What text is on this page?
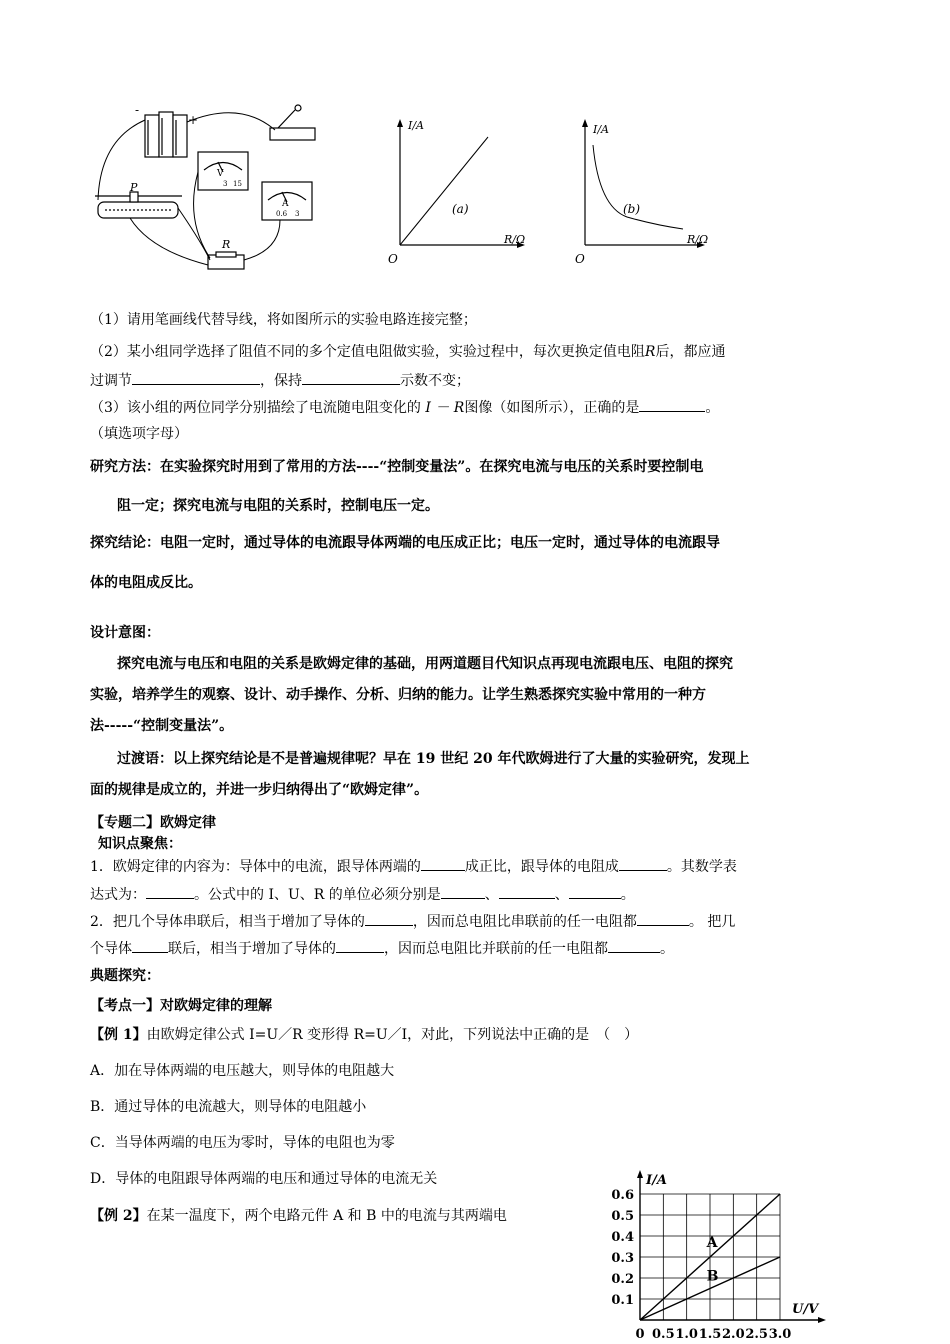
-
+
V
3 15
A
0.6 3
P
R
I/A
R/Ω
O
(a)
I/A
R/Ω
O
(b)
（1）请用笔画线代替导线，将如图所示的实验电路连接完整；
（2）某小组同学选择了阻值不同的多个定值电阻做实验，实验过程中，每次更换定值电阻R后，都应通
过调节	，保持	示数不变；
（3）该小组的两位同学分别描绘了电流随电阻变化的 I － R图像（如图所示），正确的是	。
（填选项字母）
研究方法：在实验探究时用到了常用的方法----“控制变量法”。在探究电流与电压的关系时要控制电
阻一定；探究电流与电阻的关系时，控制电压一定。
探究结论：电阻一定时，通过导体的电流跟导体两端的电压成正比；电压一定时，通过导体的电流跟导
体的电阻成反比。
设计意图：
探究电流与电压和电阻的关系是欧姆定律的基础，用两道题目代知识点再现电流跟电压、电阻的探究
实验，培养学生的观察、设计、动手操作、分析、归纳的能力。让学生熟悉探究实验中常用的一种方
法-----“控制变量法”。
过渡语：以上探究结论是不是普遍规律呢？早在 19 世纪 20 年代欧姆进行了大量的实验研究，发现上
面的规律是成立的，并进一步归纳得出了“欧姆定律”。
【专题二】欧姆定律
知识点聚焦：
1．欧姆定律的内容为：导体中的电流，跟导体两端的	成正比，跟导体的电阻成	。其数学表
达式为：	。公式中的 I、U、R 的单位必须分别是	、	、	。
2．把几个导体串联后，相当于增加了导体的	，因而总电阻比串联前的任一电阻都	。 把几
个导体	联后，相当于增加了导体的	，因而总电阻比并联前的任一电阻都	。
典题探究：
【考点一】对欧姆定律的理解
【例 1】由欧姆定律公式 I=U／R 变形得 R=U／I，对此，下列说法中正确的是　（　）
A．加在导体两端的电压越大，则导体的电阻越大
B．通过导体的电流越大，则导体的电阻越小
C．当导体两端的电压为零时，导体的电阻也为零
D．导体的电阻跟导体两端的电压和通过导体的电流无关
【例 2】在某一温度下，两个电路元件 A 和 B 中的电流与其两端电
I/A
U/V
0.1
0.2
0.3
0.4
0.5
0.6
0 0.5 1.0 1.5 2.0 2.5 3.0
A
B
